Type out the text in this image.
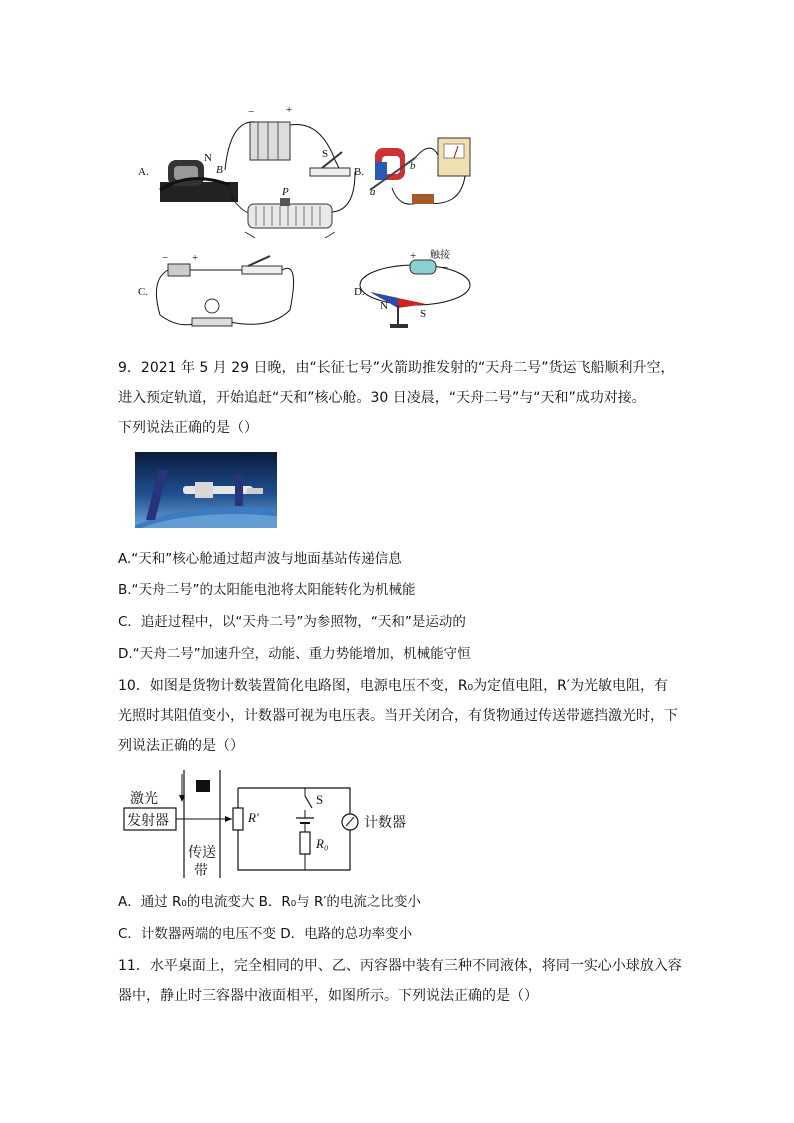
A.
N
B
−	+
P
S
B.
a
b
C.
− +
D.
+ 触接
−
N
S
9．2021 年 5 月 29 日晚，由“长征七号”火箭助推发射的“天舟二号”货运飞船顺利升空，
进入预定轨道，开始追赶“天和”核心舱。30 日凌晨，“天舟二号”与“天和”成功对接。
下列说法正确的是（）
A.“天和”核心舱通过超声波与地面基站传递信息
B.“天舟二号”的太阳能电池将太阳能转化为机械能
C．追赶过程中，以“天舟二号”为参照物，“天和”是运动的
D.“天舟二号”加速升空，动能、重力势能增加，机械能守恒
10．如图是货物计数装置简化电路图，电源电压不变，R₀为定值电阻，R′为光敏电阻，有
光照时其阻值变小，计数器可视为电压表。当开关闭合，有货物通过传送带遮挡激光时，下
列说法正确的是（）
激光
发射器
传送
带
R′
S
R₀
计数器
A．通过 R₀的电流变大 B．R₀与 R′的电流之比变小
C．计数器两端的电压不变 D．电路的总功率变小
11．水平桌面上，完全相同的甲、乙、丙容器中装有三种不同液体，将同一实心小球放入容
器中，静止时三容器中液面相平，如图所示。下列说法正确的是（）
